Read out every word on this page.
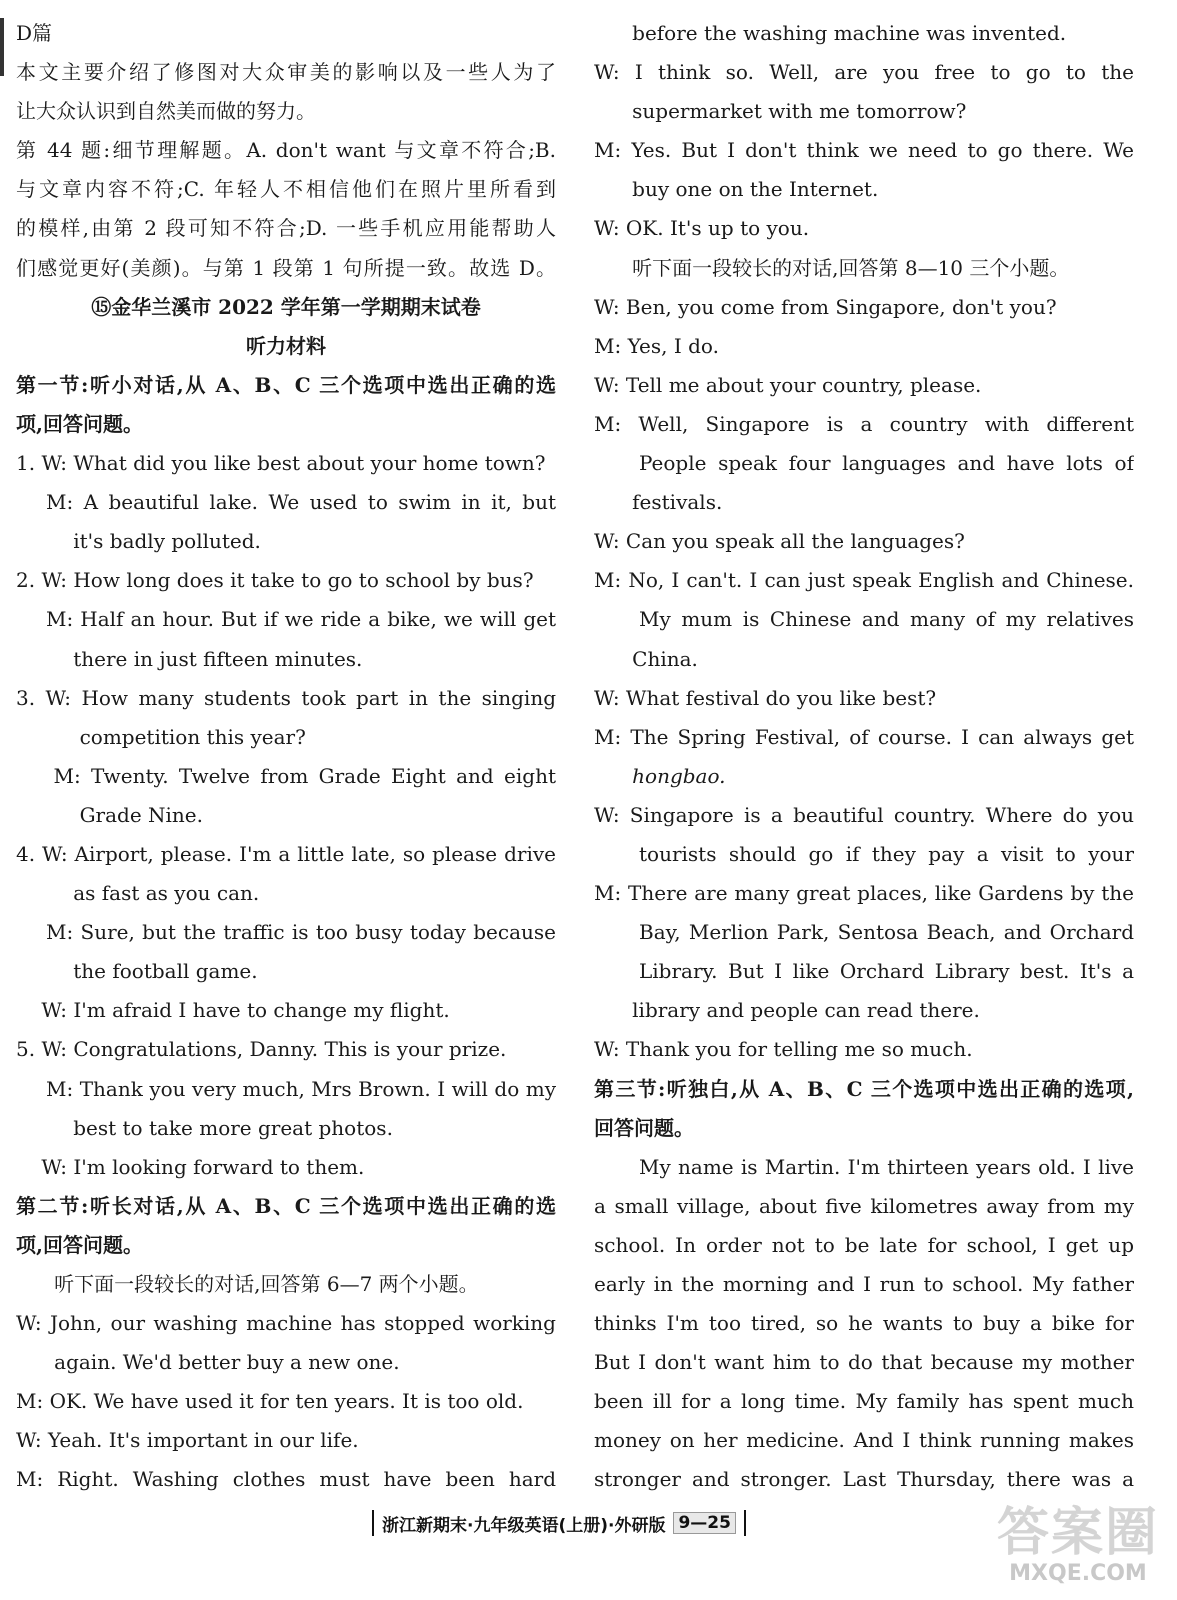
D篇
本文主要介绍了修图对大众审美的影响以及一些人为了
让大众认识到自然美而做的努力。
第 44 题:细节理解题。A. don't want 与文章不符合;B.
与文章内容不符;C. 年轻人不相信他们在照片里所看到
的模样,由第 2 段可知不符合;D. 一些手机应用能帮助人
们感觉更好(美颜)。与第 1 段第 1 句所提一致。故选 D。
⑮金华兰溪市 2022 学年第一学期期末试卷
听力材料
第一节:听小对话,从 A、B、C 三个选项中选出正确的选
项,回答问题。
1. W: What did you like best about your home town?
M: A beautiful lake. We used to swim in it, but
it's badly polluted.
2. W: How long does it take to go to school by bus?
M: Half an hour. But if we ride a bike, we will get
there in just fifteen minutes.
3. W: How many students took part in the singing
competition this year?
M: Twenty. Twelve from Grade Eight and eight
Grade Nine.
4. W: Airport, please. I'm a little late, so please drive
as fast as you can.
M: Sure, but the traffic is too busy today because
the football game.
W: I'm afraid I have to change my flight.
5. W: Congratulations, Danny. This is your prize.
M: Thank you very much, Mrs Brown. I will do my
best to take more great photos.
W: I'm looking forward to them.
第二节:听长对话,从 A、B、C 三个选项中选出正确的选
项,回答问题。
听下面一段较长的对话,回答第 6—7 两个小题。
W: John, our washing machine has stopped working
again. We'd better buy a new one.
M: OK. We have used it for ten years. It is too old.
W: Yeah. It's important in our life.
M: Right. Washing clothes must have been hard
before the washing machine was invented.
W: I think so. Well, are you free to go to the
supermarket with me tomorrow?
M: Yes. But I don't think we need to go there. We
buy one on the Internet.
W: OK. It's up to you.
听下面一段较长的对话,回答第 8—10 三个小题。
W: Ben, you come from Singapore, don't you?
M: Yes, I do.
W: Tell me about your country, please.
M: Well, Singapore is a country with different
People speak four languages and have lots of
festivals.
W: Can you speak all the languages?
M: No, I can't. I can just speak English and Chinese.
My mum is Chinese and many of my relatives
China.
W: What festival do you like best?
M: The Spring Festival, of course. I can always get
hongbao.
W: Singapore is a beautiful country. Where do you
tourists should go if they pay a visit to your
M: There are many great places, like Gardens by the
Bay, Merlion Park, Sentosa Beach, and Orchard
Library. But I like Orchard Library best. It's a
library and people can read there.
W: Thank you for telling me so much.
第三节:听独白,从 A、B、C 三个选项中选出正确的选项,
回答问题。
My name is Martin. I'm thirteen years old. I live
a small village, about five kilometres away from my
school. In order not to be late for school, I get up
early in the morning and I run to school. My father
thinks I'm too tired, so he wants to buy a bike for
But I don't want him to do that because my mother
been ill for a long time. My family has spent much
money on her medicine. And I think running makes
stronger and stronger. Last Thursday, there was a
浙江新期末·九年级英语(上册)·外研版 9—25	答案圈
MXQE.COM
